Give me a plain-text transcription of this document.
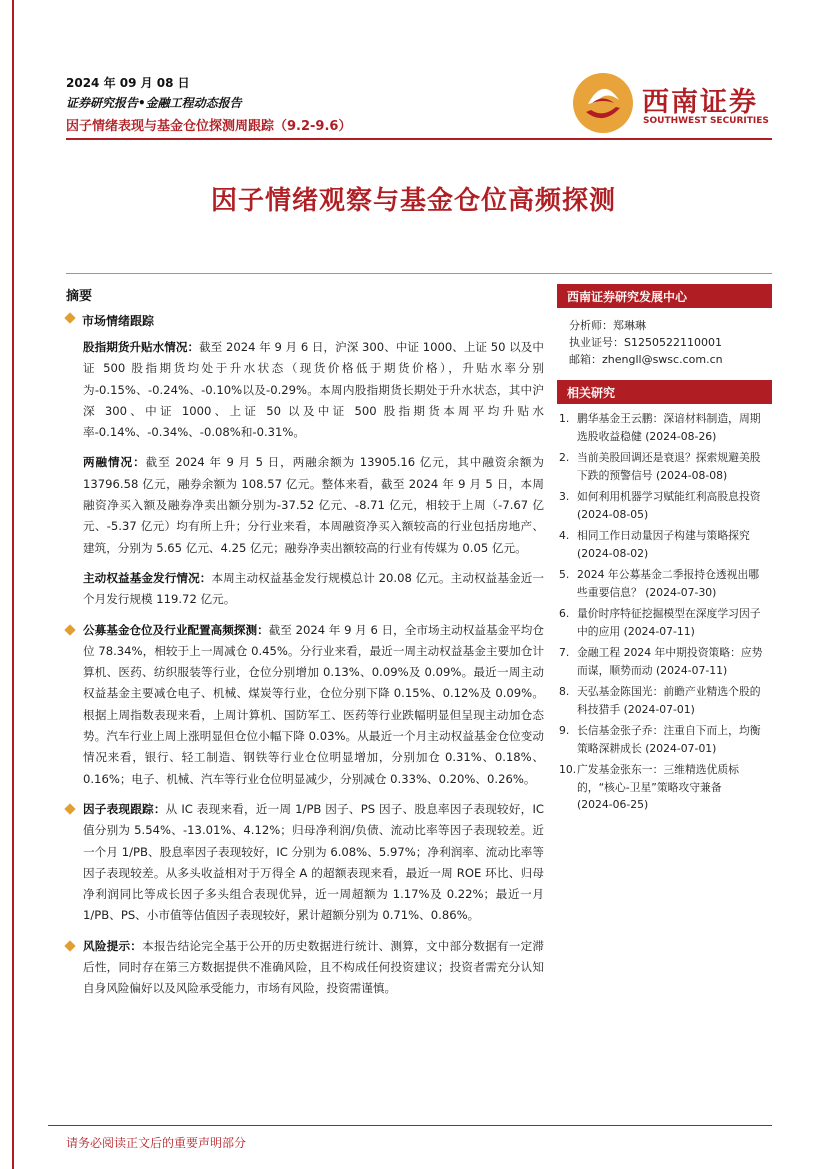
2024 年 09 月 08 日
证券研究报告•金融工程动态报告
因子情绪表现与基金仓位探测周跟踪（9.2-9.6）
西南证券
SOUTHWEST SECURITIES
因子情绪观察与基金仓位高频探测
摘要
市场情绪跟踪

股指期货升贴水情况：截至 2024 年 9 月 6 日，沪深 300、中证 1000、上证 50 以及中证 500 股指期货均处于升水状态（现货价格低于期货价格），升贴水率分别为-0.15%、-0.24%、-0.10%以及-0.29%。本周内股指期货长期处于升水状态，其中沪深 300、中证 1000、上证 50 以及中证 500 股指期货本周平均升贴水率-0.14%、-0.34%、-0.08%和-0.31%。

两融情况：截至 2024 年 9 月 5 日，两融余额为 13905.16 亿元，其中融资余额为 13796.58 亿元，融券余额为 108.57 亿元。整体来看，截至 2024 年 9 月 5 日，本周融资净买入额及融券净卖出额分别为-37.52 亿元、-8.71 亿元，相较于上周（-7.67 亿元、-5.37 亿元）均有所上升；分行业来看，本周融资净买入额较高的行业包括房地产、建筑，分别为 5.65 亿元、4.25 亿元；融券净卖出额较高的行业有传媒为 0.05 亿元。

主动权益基金发行情况：本周主动权益基金发行规模总计 20.08 亿元。主动权益基金近一个月发行规模 119.72 亿元。

公募基金仓位及行业配置高频探测：截至 2024 年 9 月 6 日，全市场主动权益基金平均仓位 78.34%，相较于上一周减仓 0.45%。分行业来看，最近一周主动权益基金主要加仓计算机、医药、纺织服装等行业，仓位分别增加 0.13%、0.09%及 0.09%。最近一周主动权益基金主要减仓电子、机械、煤炭等行业，仓位分别下降 0.15%、0.12%及 0.09%。根据上周指数表现来看，上周计算机、国防军工、医药等行业跌幅明显但呈现主动加仓态势。汽车行业上周上涨明显但仓位小幅下降 0.03%。从最近一个月主动权益基金仓位变动情况来看，银行、轻工制造、钢铁等行业仓位明显增加，分别加仓 0.31%、0.18%、0.16%；电子、机械、汽车等行业仓位明显减少，分别减仓 0.33%、0.20%、0.26%。

因子表现跟踪：从 IC 表现来看，近一周 1/PB 因子、PS 因子、股息率因子表现较好，IC 值分别为 5.54%、-13.01%、4.12%；归母净利润/负债、流动比率等因子表现较差。近一个月 1/PB、股息率因子表现较好，IC 分别为 6.08%、5.97%；净利润率、流动比率等因子表现较差。从多头收益相对于万得全 A 的超额表现来看，最近一周 ROE 环比、归母净利润同比等成长因子多头组合表现优异，近一周超额为 1.17%及 0.22%；最近一月 1/PB、PS、小市值等估值因子表现较好，累计超额分别为 0.71%、0.86%。

风险提示：本报告结论完全基于公开的历史数据进行统计、测算，文中部分数据有一定滞后性，同时存在第三方数据提供不准确风险，且不构成任何投资建议；投资者需充分认知自身风险偏好以及风险承受能力，市场有风险，投资需谨慎。

西南证券研究发展中心
分析师：郑琳琳
执业证号：S1250522110001
邮箱：zhengll@swsc.com.cn
相关研究
1. 鹏华基金王云鹏：深谙材料制造，周期选股收益稳健 (2024-08-26)
2. 当前美股回调还是衰退？探索规避美股下跌的预警信号 (2024-08-08)
3. 如何利用机器学习赋能红利高股息投资 (2024-08-05)
4. 相同工作日动量因子构建与策略探究 (2024-08-02)
5. 2024 年公募基金二季报持仓透视出哪些重要信息？ (2024-07-30)
6. 量价时序特征挖掘模型在深度学习因子中的应用 (2024-07-11)
7. 金融工程 2024 年中期投资策略：应势而谋，顺势而动 (2024-07-11)
8. 天弘基金陈国光：前瞻产业精选个股的科技猎手 (2024-07-01)
9. 长信基金张子乔：注重自下而上，均衡策略深耕成长 (2024-07-01)
10. 广发基金张东一：三维精选优质标的，“核心-卫星”策略攻守兼备 (2024-06-25)
请务必阅读正文后的重要声明部分
